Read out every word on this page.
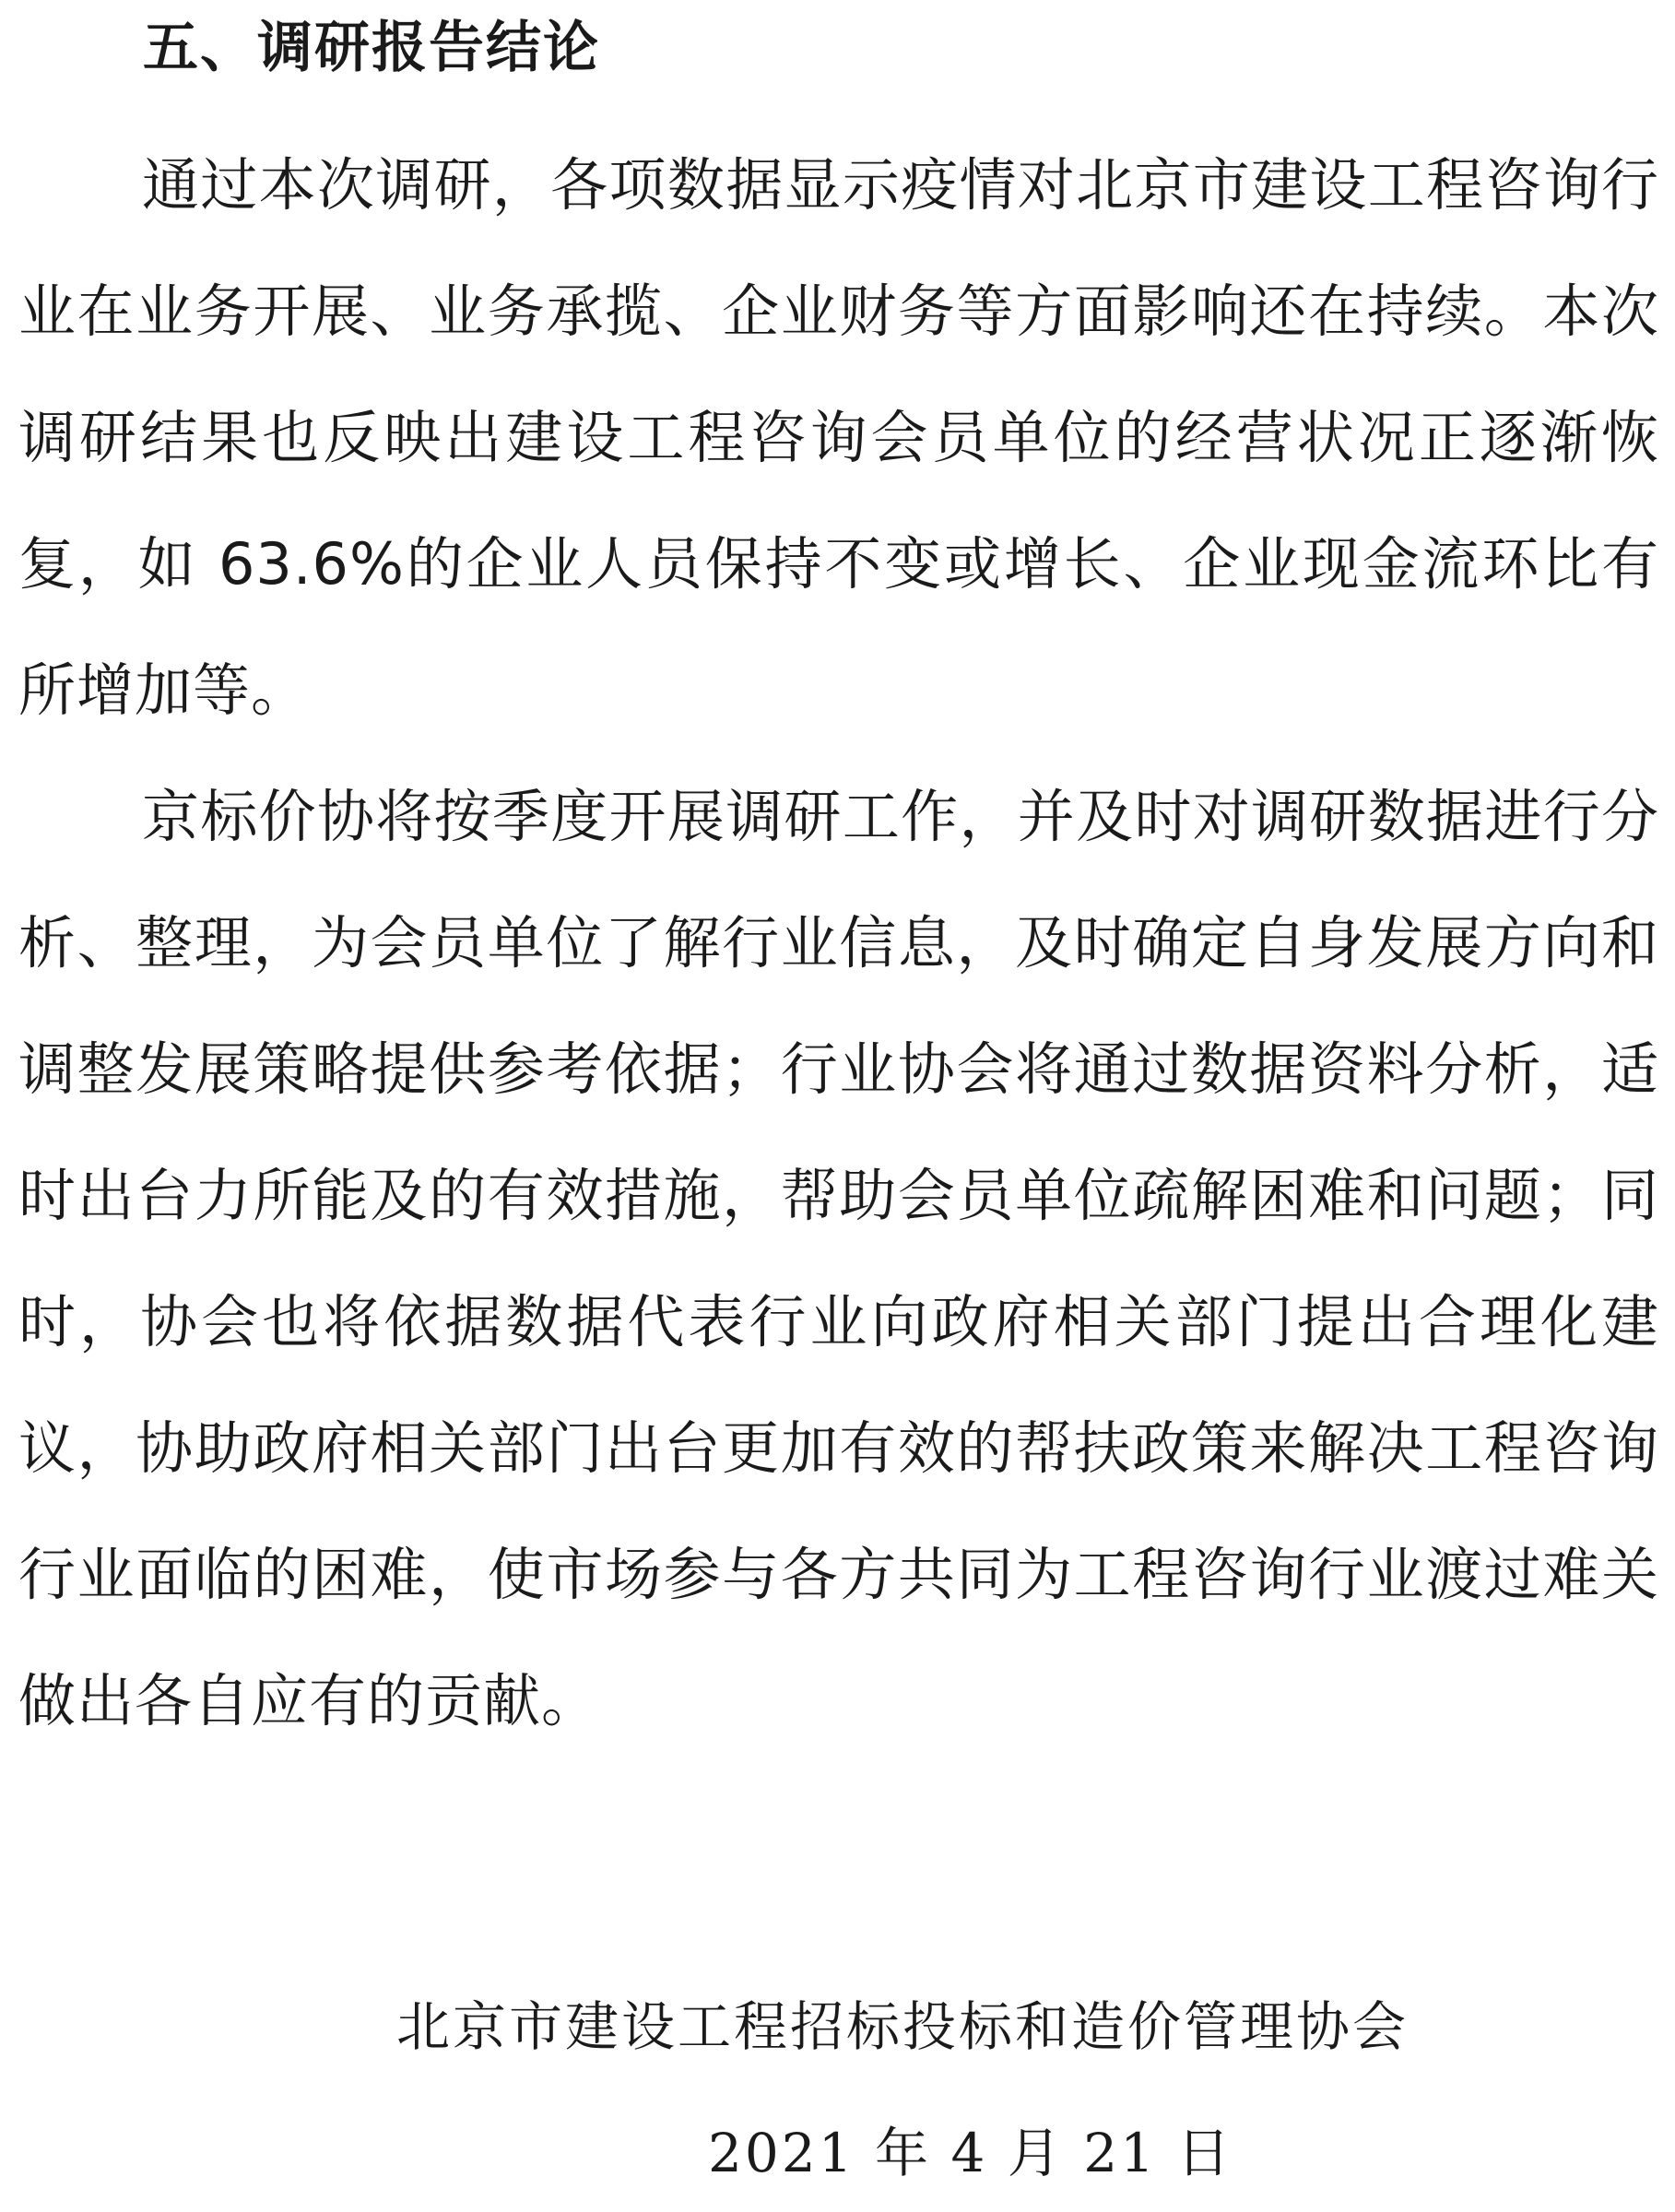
五、调研报告结论

通过本次调研，各项数据显示疫情对北京市建设工程咨询行业在业务开展、业务承揽、企业财务等方面影响还在持续。本次调研结果也反映出建设工程咨询会员单位的经营状况正逐渐恢复，如 63.6%的企业人员保持不变或增长、企业现金流环比有所增加等。

京标价协将按季度开展调研工作，并及时对调研数据进行分析、整理，为会员单位了解行业信息，及时确定自身发展方向和调整发展策略提供参考依据；行业协会将通过数据资料分析，适时出台力所能及的有效措施，帮助会员单位疏解困难和问题；同时，协会也将依据数据代表行业向政府相关部门提出合理化建议，协助政府相关部门出台更加有效的帮扶政策来解决工程咨询行业面临的困难，使市场参与各方共同为工程咨询行业渡过难关做出各自应有的贡献。

北京市建设工程招标投标和造价管理协会
2021 年 4 月 21 日
